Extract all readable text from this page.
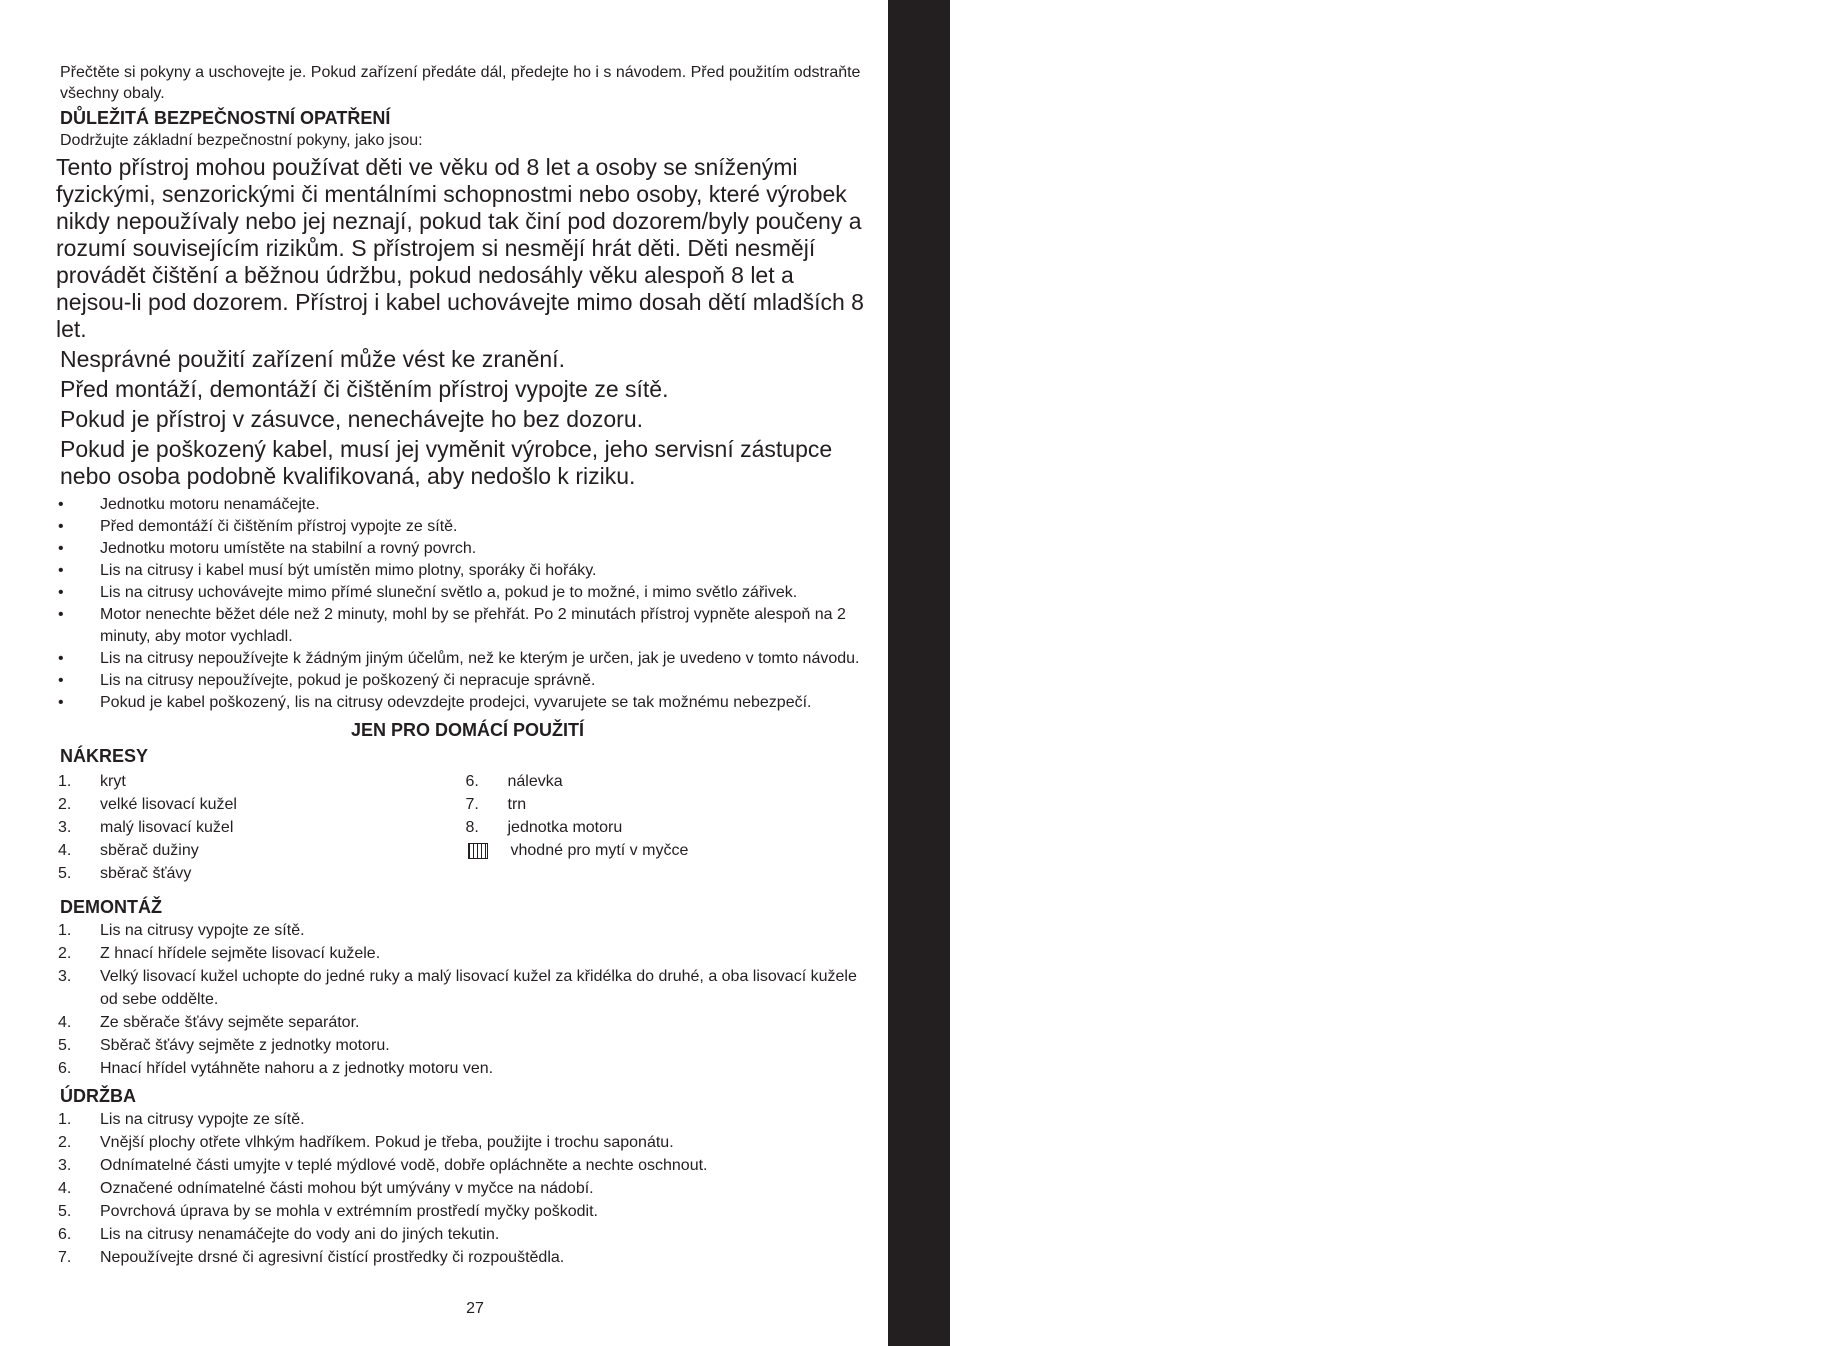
pokyny (Čeština)

Přečtěte si pokyny a uschovejte je. Pokud zařízení předáte dál, předejte ho i s návodem. Před použitím odstraňte všechny obaly.

DŮLEŽITÁ BEZPEČNOSTNÍ OPATŘENÍ

Dodržujte základní bezpečnostní pokyny, jako jsou:

Tento přístroj mohou používat děti ve věku od 8 let a osoby se sníženými fyzickými, senzorickými či mentálními schopnostmi nebo osoby, které výrobek nikdy nepoužívaly nebo jej neznají, pokud tak činí pod dozorem/byly poučeny a rozumí souvisejícím rizikům. S přístrojem si nesmějí hrát děti. Děti nesmějí provádět čištění a běžnou údržbu, pokud nedosáhly věku alespoň 8 let a nejsou-li pod dozorem. Přístroj i kabel uchovávejte mimo dosah dětí mladších 8 let.

Nesprávné použití zařízení může vést ke zranění.

Před montáží, demontáží či čištěním přístroj vypojte ze sítě.

Pokud je přístroj v zásuvce, nenechávejte ho bez dozoru.

Pokud je poškozený kabel, musí jej vyměnit výrobce, jeho servisní zástupce nebo osoba podobně kvalifikovaná, aby nedošlo k riziku.

• Jednotku motoru nenamáčejte.
• Před demontáží či čištěním přístroj vypojte ze sítě.
• Jednotku motoru umístěte na stabilní a rovný povrch.
• Lis na citrusy i kabel musí být umístěn mimo plotny, sporáky či hořáky.
• Lis na citrusy uchovávejte mimo přímé sluneční světlo a, pokud je to možné, i mimo světlo zářivek.
• Motor nenechte běžet déle než 2 minuty, mohl by se přehřát. Po 2 minutách přístroj vypněte alespoň na 2 minuty, aby motor vychladl.
• Lis na citrusy nepoužívejte k žádným jiným účelům, než ke kterým je určen, jak je uvedeno v tomto návodu.
• Lis na citrusy nepoužívejte, pokud je poškozený či nepracuje správně.
• Pokud je kabel poškozený, lis na citrusy odevzdejte prodejci, vyvarujete se tak možnému nebezpečí.
JEN PRO DOMÁCÍ POUŽITÍ
NÁKRESY
1. kryt
2. velké lisovací kužel
3. malý lisovací kužel
4. sběrač dužiny
5. sběrač šťávy
6. nálevka
7. trn
8. jednotka motoru
vhodné pro mytí v myčce
DEMONTÁŽ
1. Lis na citrusy vypojte ze sítě.
2. Z hnací hřídele sejměte lisovací kužele.
3. Velký lisovací kužel uchopte do jedné ruky a malý lisovací kužel za křidélka do druhé, a oba lisovací kužele od sebe oddělte.
4. Ze sběrače šťávy sejměte separátor.
5. Sběrač šťávy sejměte z jednotky motoru.
6. Hnací hřídel vytáhněte nahoru a z jednotky motoru ven.
ÚDRŽBA
1. Lis na citrusy vypojte ze sítě.
2. Vnější plochy otřete vlhkým hadříkem. Pokud je třeba, použijte i trochu saponátu.
3. Odnímatelné části umyjte v teplé mýdlové vodě, dobře opláchněte a nechte oschnout.
4. Označené odnímatelné části mohou být umývány v myčce na nádobí.
5. Povrchová úprava by se mohla v extrémním prostředí myčky poškodit.
6. Lis na citrusy nenamáčejte do vody ani do jiných tekutin.
7. Nepoužívejte drsné či agresivní čistící prostředky či rozpouštědla.
27
